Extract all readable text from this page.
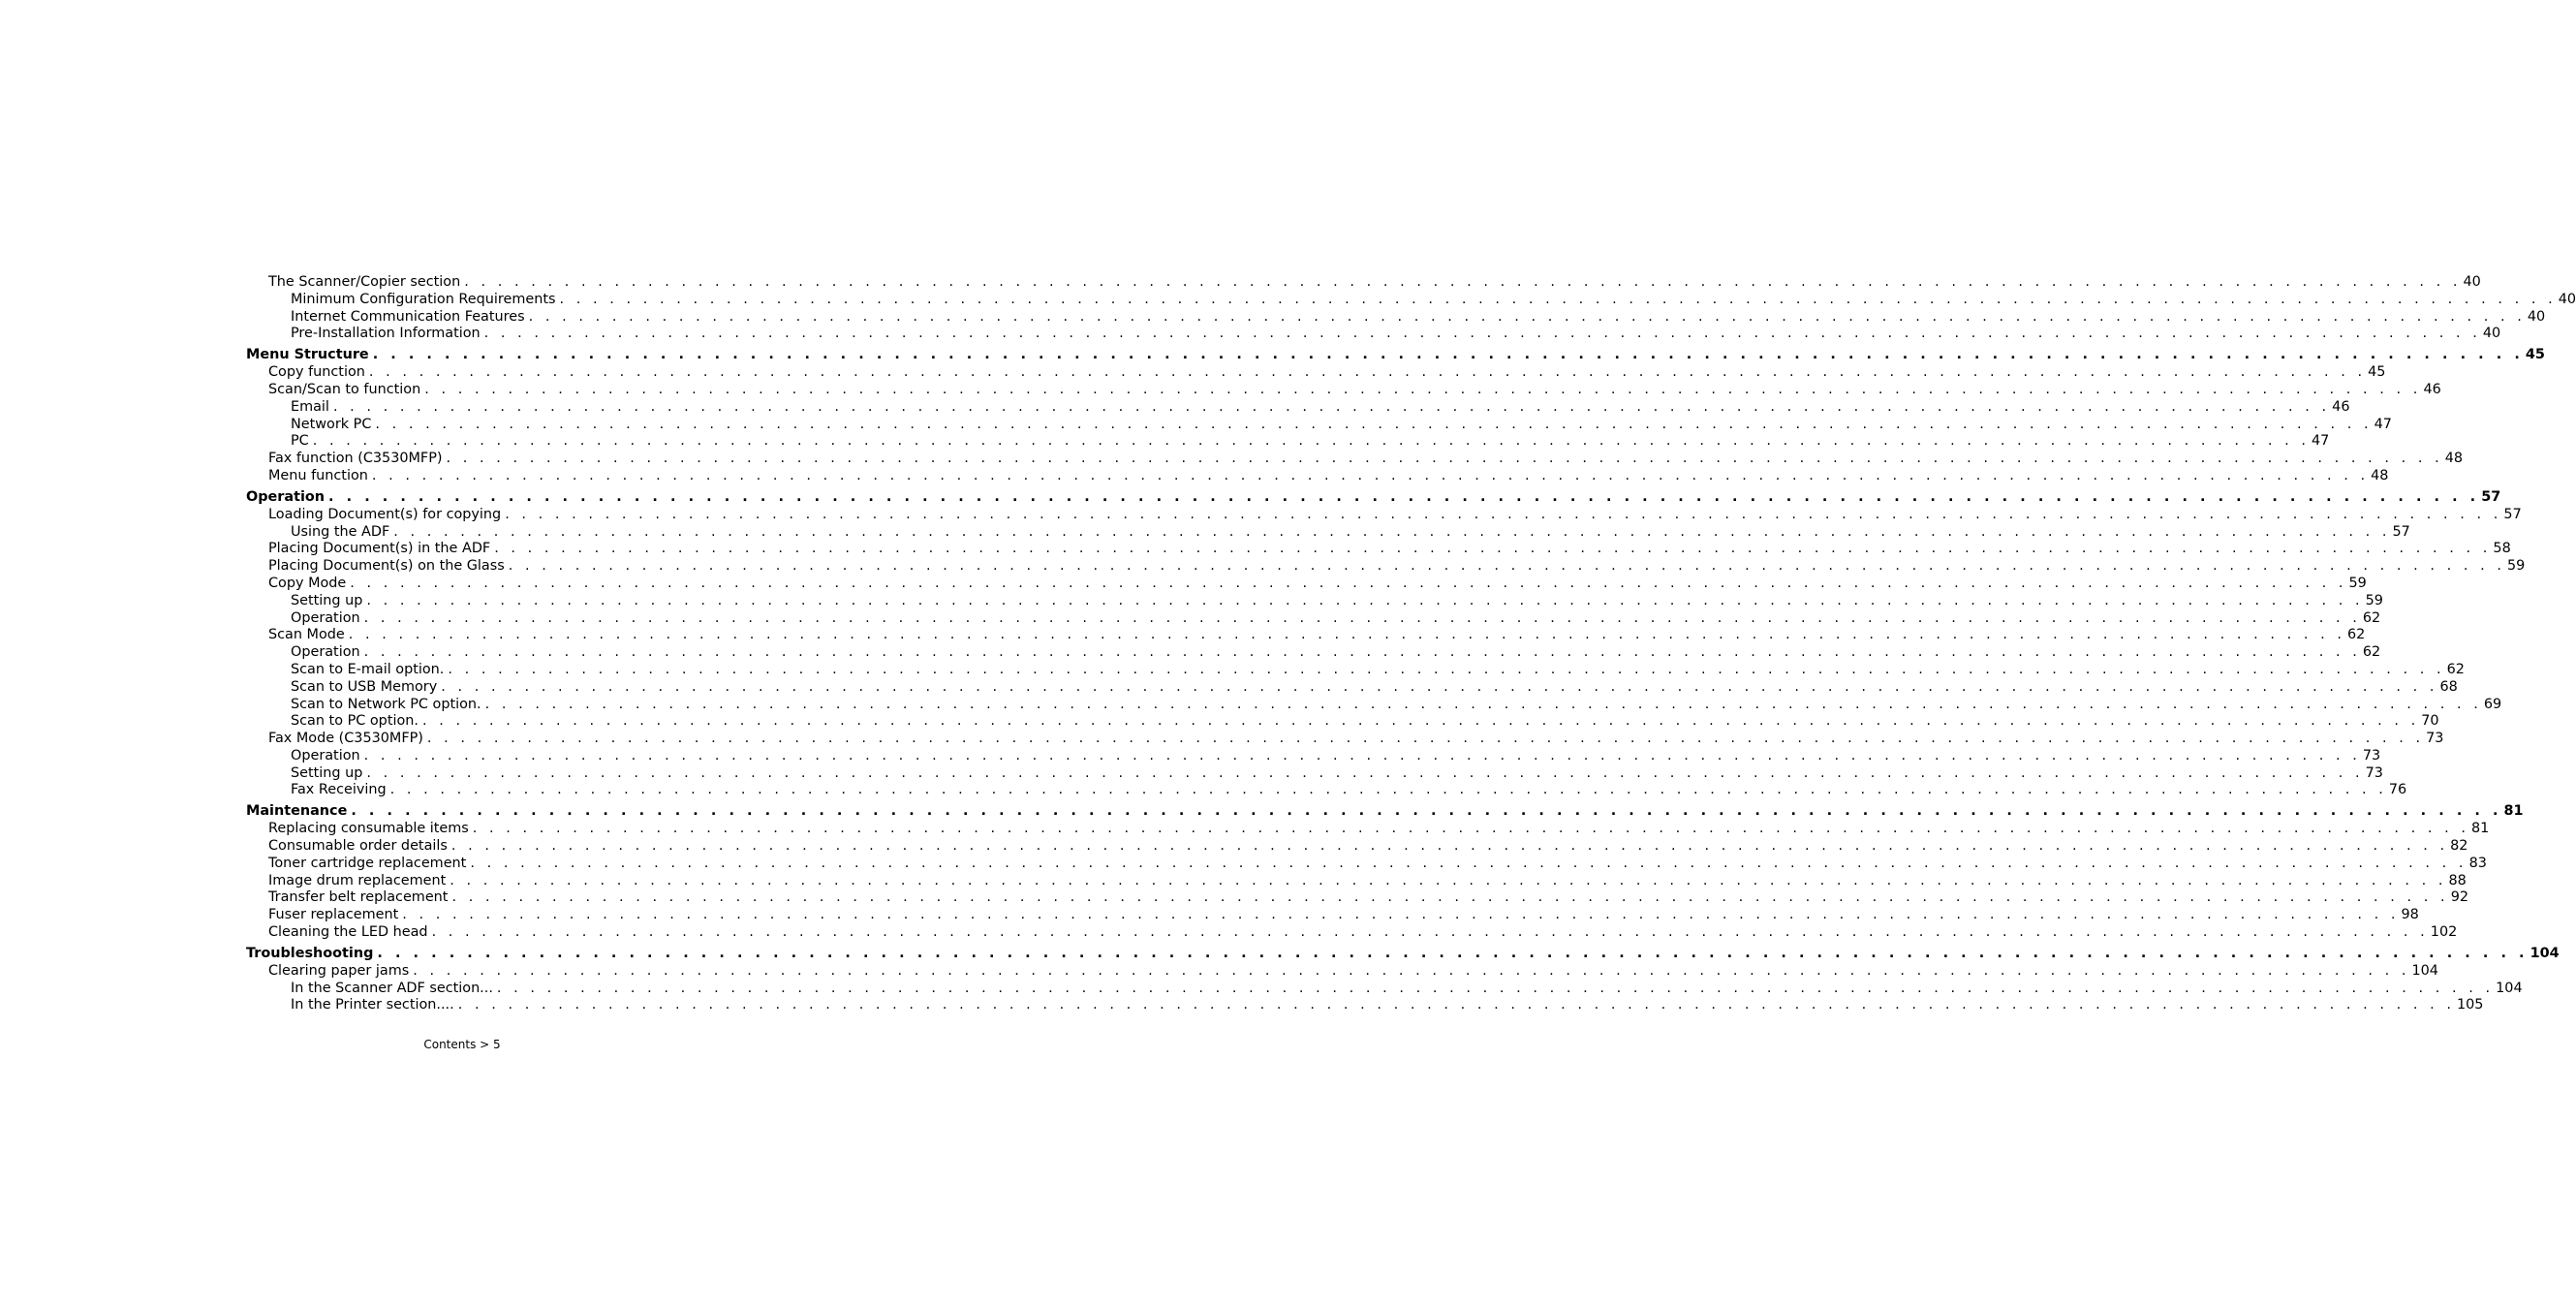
The Scanner/Copier section . . . . . . . . . . . . . . . . . . . . . . . . . . . . . . . . . . . . . . . . . . . . . . . . . . . . . . . . . . . . . . . . . . . . . . . . . . . . . . . . . . . . . . . . . . . . . . . . . . . . . . . . . . . . . . . . . . . . . . . . 40
Minimum Configuration Requirements . . . . . . . . . . . . . . . . . . . . . . . . . . . . . . . . . . . . . . . . . . . . . . . . . . . . . . . . . . . . . . . . . . . . . . . . . . . . . . . . . . . . . . . . . . . . . . . . . . . . . . . . . . . . . . . . . . . . . . . . 40
Internet Communication Features . . . . . . . . . . . . . . . . . . . . . . . . . . . . . . . . . . . . . . . . . . . . . . . . . . . . . . . . . . . . . . . . . . . . . . . . . . . . . . . . . . . . . . . . . . . . . . . . . . . . . . . . . . . . . . . . . . . . . . . . 40
Pre-Installation Information . . . . . . . . . . . . . . . . . . . . . . . . . . . . . . . . . . . . . . . . . . . . . . . . . . . . . . . . . . . . . . . . . . . . . . . . . . . . . . . . . . . . . . . . . . . . . . . . . . . . . . . . . . . . . . . . . . . . . . . . 40
Menu Structure . . . . . . . . . . . . . . . . . . . . . . . . . . . . . . . . . . . . . . . . . . . . . . . . . . . . . . . . . . . . . . . . . . . . . . . . . . . . . . . . . . . . . . . . . . . . . . . . . . . . . . . . . . . . . . . . . . . . . . . . 45
Copy function . . . . . . . . . . . . . . . . . . . . . . . . . . . . . . . . . . . . . . . . . . . . . . . . . . . . . . . . . . . . . . . . . . . . . . . . . . . . . . . . . . . . . . . . . . . . . . . . . . . . . . . . . . . . . . . . . . . . . . . . 45
Scan/Scan to function . . . . . . . . . . . . . . . . . . . . . . . . . . . . . . . . . . . . . . . . . . . . . . . . . . . . . . . . . . . . . . . . . . . . . . . . . . . . . . . . . . . . . . . . . . . . . . . . . . . . . . . . . . . . . . . . . . . . . . . . 46
Email . . . . . . . . . . . . . . . . . . . . . . . . . . . . . . . . . . . . . . . . . . . . . . . . . . . . . . . . . . . . . . . . . . . . . . . . . . . . . . . . . . . . . . . . . . . . . . . . . . . . . . . . . . . . . . . . . . . . . . . . 46
Network PC . . . . . . . . . . . . . . . . . . . . . . . . . . . . . . . . . . . . . . . . . . . . . . . . . . . . . . . . . . . . . . . . . . . . . . . . . . . . . . . . . . . . . . . . . . . . . . . . . . . . . . . . . . . . . . . . . . . . . . . . 47
PC . . . . . . . . . . . . . . . . . . . . . . . . . . . . . . . . . . . . . . . . . . . . . . . . . . . . . . . . . . . . . . . . . . . . . . . . . . . . . . . . . . . . . . . . . . . . . . . . . . . . . . . . . . . . . . . . . . . . . . . . 47
Fax function (C3530MFP) . . . . . . . . . . . . . . . . . . . . . . . . . . . . . . . . . . . . . . . . . . . . . . . . . . . . . . . . . . . . . . . . . . . . . . . . . . . . . . . . . . . . . . . . . . . . . . . . . . . . . . . . . . . . . . . . . . . . . . . . 48
Menu function . . . . . . . . . . . . . . . . . . . . . . . . . . . . . . . . . . . . . . . . . . . . . . . . . . . . . . . . . . . . . . . . . . . . . . . . . . . . . . . . . . . . . . . . . . . . . . . . . . . . . . . . . . . . . . . . . . . . . . . . 48
Operation . . . . . . . . . . . . . . . . . . . . . . . . . . . . . . . . . . . . . . . . . . . . . . . . . . . . . . . . . . . . . . . . . . . . . . . . . . . . . . . . . . . . . . . . . . . . . . . . . . . . . . . . . . . . . . . . . . . . . . . . 57
Loading Document(s) for copying . . . . . . . . . . . . . . . . . . . . . . . . . . . . . . . . . . . . . . . . . . . . . . . . . . . . . . . . . . . . . . . . . . . . . . . . . . . . . . . . . . . . . . . . . . . . . . . . . . . . . . . . . . . . . . . . . . . . . . . . 57
Using the ADF . . . . . . . . . . . . . . . . . . . . . . . . . . . . . . . . . . . . . . . . . . . . . . . . . . . . . . . . . . . . . . . . . . . . . . . . . . . . . . . . . . . . . . . . . . . . . . . . . . . . . . . . . . . . . . . . . . . . . . . . 57
Placing Document(s) in the ADF . . . . . . . . . . . . . . . . . . . . . . . . . . . . . . . . . . . . . . . . . . . . . . . . . . . . . . . . . . . . . . . . . . . . . . . . . . . . . . . . . . . . . . . . . . . . . . . . . . . . . . . . . . . . . . . . . . . . . . . . 58
Placing Document(s) on the Glass . . . . . . . . . . . . . . . . . . . . . . . . . . . . . . . . . . . . . . . . . . . . . . . . . . . . . . . . . . . . . . . . . . . . . . . . . . . . . . . . . . . . . . . . . . . . . . . . . . . . . . . . . . . . . . . . . . . . . . . . 59
Copy Mode . . . . . . . . . . . . . . . . . . . . . . . . . . . . . . . . . . . . . . . . . . . . . . . . . . . . . . . . . . . . . . . . . . . . . . . . . . . . . . . . . . . . . . . . . . . . . . . . . . . . . . . . . . . . . . . . . . . . . . . . 59
Setting up . . . . . . . . . . . . . . . . . . . . . . . . . . . . . . . . . . . . . . . . . . . . . . . . . . . . . . . . . . . . . . . . . . . . . . . . . . . . . . . . . . . . . . . . . . . . . . . . . . . . . . . . . . . . . . . . . . . . . . . . 59
Operation . . . . . . . . . . . . . . . . . . . . . . . . . . . . . . . . . . . . . . . . . . . . . . . . . . . . . . . . . . . . . . . . . . . . . . . . . . . . . . . . . . . . . . . . . . . . . . . . . . . . . . . . . . . . . . . . . . . . . . . . 62
Scan Mode . . . . . . . . . . . . . . . . . . . . . . . . . . . . . . . . . . . . . . . . . . . . . . . . . . . . . . . . . . . . . . . . . . . . . . . . . . . . . . . . . . . . . . . . . . . . . . . . . . . . . . . . . . . . . . . . . . . . . . . . 62
Operation . . . . . . . . . . . . . . . . . . . . . . . . . . . . . . . . . . . . . . . . . . . . . . . . . . . . . . . . . . . . . . . . . . . . . . . . . . . . . . . . . . . . . . . . . . . . . . . . . . . . . . . . . . . . . . . . . . . . . . . . 62
Scan to E-mail option. . . . . . . . . . . . . . . . . . . . . . . . . . . . . . . . . . . . . . . . . . . . . . . . . . . . . . . . . . . . . . . . . . . . . . . . . . . . . . . . . . . . . . . . . . . . . . . . . . . . . . . . . . . . . . . . . . . . . . . . . 62
Scan to USB Memory . . . . . . . . . . . . . . . . . . . . . . . . . . . . . . . . . . . . . . . . . . . . . . . . . . . . . . . . . . . . . . . . . . . . . . . . . . . . . . . . . . . . . . . . . . . . . . . . . . . . . . . . . . . . . . . . . . . . . . . . 68
Scan to Network PC option. . . . . . . . . . . . . . . . . . . . . . . . . . . . . . . . . . . . . . . . . . . . . . . . . . . . . . . . . . . . . . . . . . . . . . . . . . . . . . . . . . . . . . . . . . . . . . . . . . . . . . . . . . . . . . . . . . . . . . . . . 69
Scan to PC option. . . . . . . . . . . . . . . . . . . . . . . . . . . . . . . . . . . . . . . . . . . . . . . . . . . . . . . . . . . . . . . . . . . . . . . . . . . . . . . . . . . . . . . . . . . . . . . . . . . . . . . . . . . . . . . . . . . . . . . . . 70
Fax Mode (C3530MFP) . . . . . . . . . . . . . . . . . . . . . . . . . . . . . . . . . . . . . . . . . . . . . . . . . . . . . . . . . . . . . . . . . . . . . . . . . . . . . . . . . . . . . . . . . . . . . . . . . . . . . . . . . . . . . . . . . . . . . . . . 73
Operation . . . . . . . . . . . . . . . . . . . . . . . . . . . . . . . . . . . . . . . . . . . . . . . . . . . . . . . . . . . . . . . . . . . . . . . . . . . . . . . . . . . . . . . . . . . . . . . . . . . . . . . . . . . . . . . . . . . . . . . . 73
Setting up . . . . . . . . . . . . . . . . . . . . . . . . . . . . . . . . . . . . . . . . . . . . . . . . . . . . . . . . . . . . . . . . . . . . . . . . . . . . . . . . . . . . . . . . . . . . . . . . . . . . . . . . . . . . . . . . . . . . . . . . 73
Fax Receiving . . . . . . . . . . . . . . . . . . . . . . . . . . . . . . . . . . . . . . . . . . . . . . . . . . . . . . . . . . . . . . . . . . . . . . . . . . . . . . . . . . . . . . . . . . . . . . . . . . . . . . . . . . . . . . . . . . . . . . . . 76
Maintenance . . . . . . . . . . . . . . . . . . . . . . . . . . . . . . . . . . . . . . . . . . . . . . . . . . . . . . . . . . . . . . . . . . . . . . . . . . . . . . . . . . . . . . . . . . . . . . . . . . . . . . . . . . . . . . . . . . . . . . . . 81
Replacing consumable items . . . . . . . . . . . . . . . . . . . . . . . . . . . . . . . . . . . . . . . . . . . . . . . . . . . . . . . . . . . . . . . . . . . . . . . . . . . . . . . . . . . . . . . . . . . . . . . . . . . . . . . . . . . . . . . . . . . . . . . . 81
Consumable order details . . . . . . . . . . . . . . . . . . . . . . . . . . . . . . . . . . . . . . . . . . . . . . . . . . . . . . . . . . . . . . . . . . . . . . . . . . . . . . . . . . . . . . . . . . . . . . . . . . . . . . . . . . . . . . . . . . . . . . . . 82
Toner cartridge replacement . . . . . . . . . . . . . . . . . . . . . . . . . . . . . . . . . . . . . . . . . . . . . . . . . . . . . . . . . . . . . . . . . . . . . . . . . . . . . . . . . . . . . . . . . . . . . . . . . . . . . . . . . . . . . . . . . . . . . . . . 83
Image drum replacement . . . . . . . . . . . . . . . . . . . . . . . . . . . . . . . . . . . . . . . . . . . . . . . . . . . . . . . . . . . . . . . . . . . . . . . . . . . . . . . . . . . . . . . . . . . . . . . . . . . . . . . . . . . . . . . . . . . . . . . . 88
Transfer belt replacement . . . . . . . . . . . . . . . . . . . . . . . . . . . . . . . . . . . . . . . . . . . . . . . . . . . . . . . . . . . . . . . . . . . . . . . . . . . . . . . . . . . . . . . . . . . . . . . . . . . . . . . . . . . . . . . . . . . . . . . . 92
Fuser replacement . . . . . . . . . . . . . . . . . . . . . . . . . . . . . . . . . . . . . . . . . . . . . . . . . . . . . . . . . . . . . . . . . . . . . . . . . . . . . . . . . . . . . . . . . . . . . . . . . . . . . . . . . . . . . . . . . . . . . . . . 98
Cleaning the LED head . . . . . . . . . . . . . . . . . . . . . . . . . . . . . . . . . . . . . . . . . . . . . . . . . . . . . . . . . . . . . . . . . . . . . . . . . . . . . . . . . . . . . . . . . . . . . . . . . . . . . . . . . . . . . . . . . . . . . . . . 102
Troubleshooting . . . . . . . . . . . . . . . . . . . . . . . . . . . . . . . . . . . . . . . . . . . . . . . . . . . . . . . . . . . . . . . . . . . . . . . . . . . . . . . . . . . . . . . . . . . . . . . . . . . . . . . . . . . . . . . . . . . . . . . . 104
Clearing paper jams . . . . . . . . . . . . . . . . . . . . . . . . . . . . . . . . . . . . . . . . . . . . . . . . . . . . . . . . . . . . . . . . . . . . . . . . . . . . . . . . . . . . . . . . . . . . . . . . . . . . . . . . . . . . . . . . . . . . . . . . 104
In the Scanner ADF section... . . . . . . . . . . . . . . . . . . . . . . . . . . . . . . . . . . . . . . . . . . . . . . . . . . . . . . . . . . . . . . . . . . . . . . . . . . . . . . . . . . . . . . . . . . . . . . . . . . . . . . . . . . . . . . . . . . . . . . . . 104
In the Printer section.... . . . . . . . . . . . . . . . . . . . . . . . . . . . . . . . . . . . . . . . . . . . . . . . . . . . . . . . . . . . . . . . . . . . . . . . . . . . . . . . . . . . . . . . . . . . . . . . . . . . . . . . . . . . . . . . . . . . . . . . . 105
Contents > 5
